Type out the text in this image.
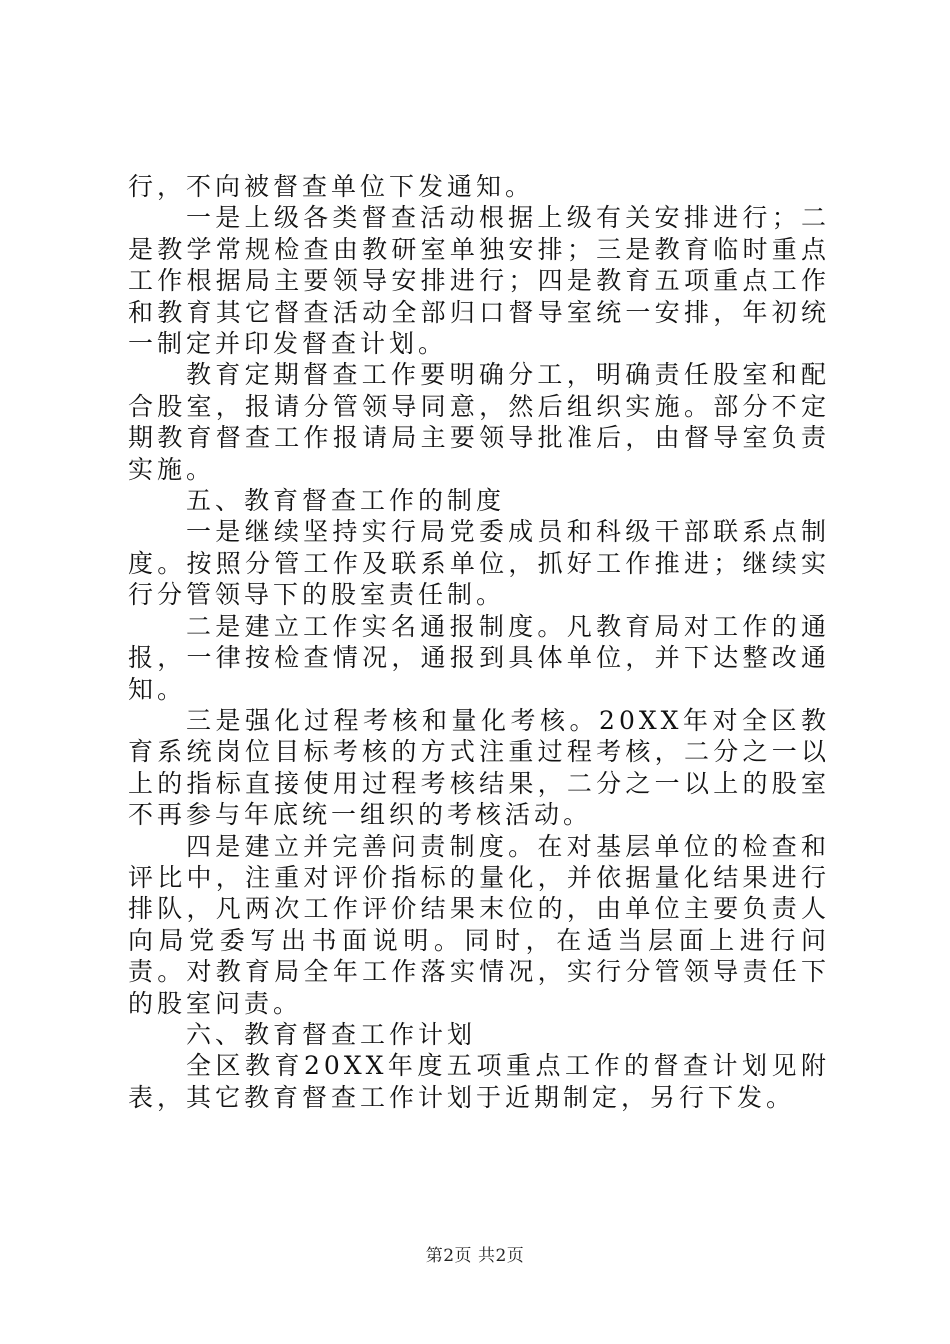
行，不向被督查单位下发通知。

一是上级各类督查活动根据上级有关安排进行；二是教学常规检查由教研室单独安排；三是教育临时重点工作根据局主要领导安排进行；四是教育五项重点工作和教育其它督查活动全部归口督导室统一安排，年初统一制定并印发督查计划。

教育定期督查工作要明确分工，明确责任股室和配合股室，报请分管领导同意，然后组织实施。部分不定期教育督查工作报请局主要领导批准后，由督导室负责实施。

五、教育督查工作的制度

一是继续坚持实行局党委成员和科级干部联系点制度。按照分管工作及联系单位，抓好工作推进；继续实行分管领导下的股室责任制。

二是建立工作实名通报制度。凡教育局对工作的通报，一律按检查情况，通报到具体单位，并下达整改通知。

三是强化过程考核和量化考核。20XX年对全区教育系统岗位目标考核的方式注重过程考核，二分之一以上的指标直接使用过程考核结果，二分之一以上的股室不再参与年底统一组织的考核活动。

四是建立并完善问责制度。在对基层单位的检查和评比中，注重对评价指标的量化，并依据量化结果进行排队，凡两次工作评价结果末位的，由单位主要负责人向局党委写出书面说明。同时，在适当层面上进行问责。对教育局全年工作落实情况，实行分管领导责任下的股室问责。

六、教育督查工作计划

全区教育20XX年度五项重点工作的督查计划见附表，其它教育督查工作计划于近期制定，另行下发。

第2页 共2页
